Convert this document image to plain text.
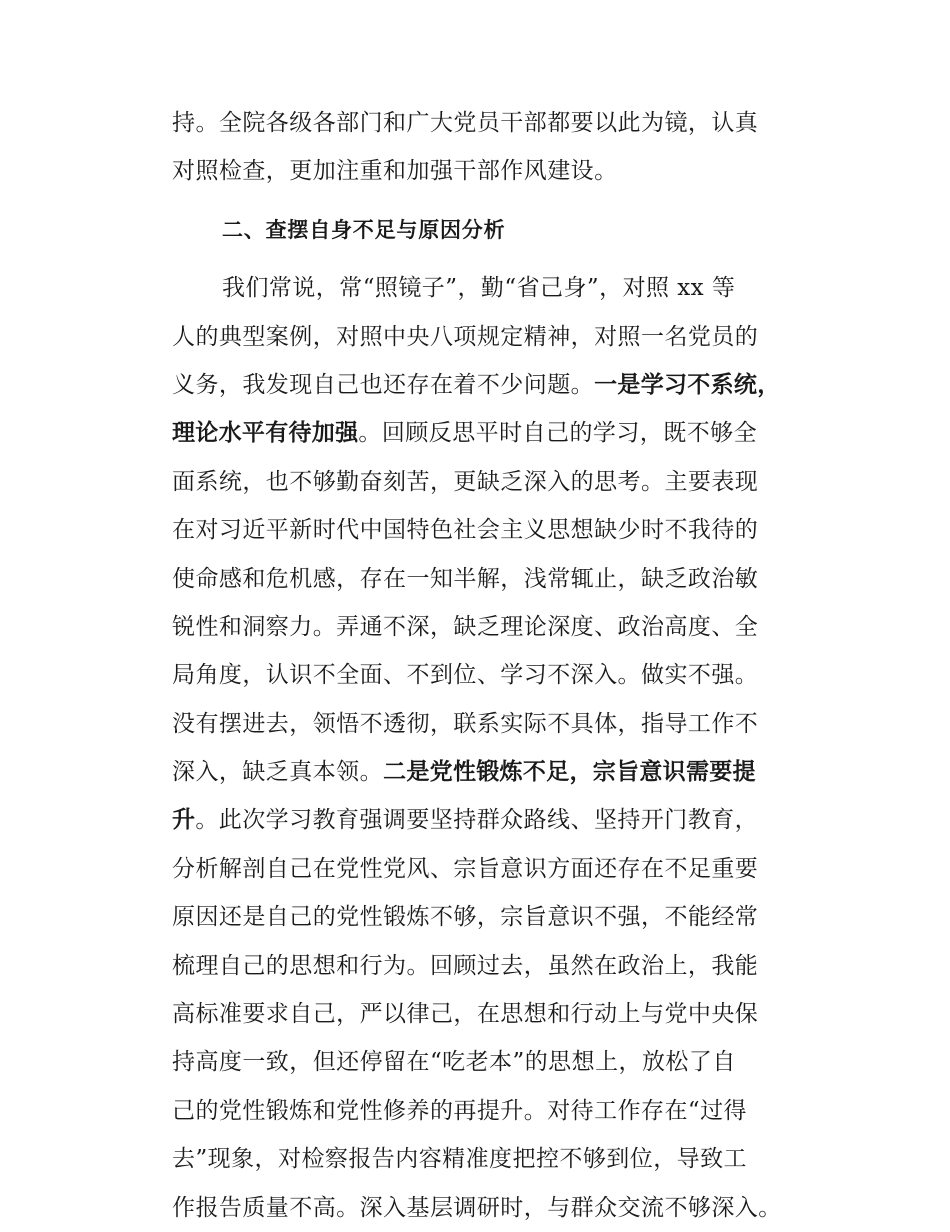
持。全院各级各部门和广大党员干部都要以此为镜，认真
对照检查，更加注重和加强干部作风建设。
二、查摆自身不足与原因分析
我们常说，常“照镜子”，勤“省己身”，对照 xx 等
人的典型案例，对照中央八项规定精神，对照一名党员的
义务，我发现自己也还存在着不少问题。一是学习不系统，
理论水平有待加强。回顾反思平时自己的学习，既不够全
面系统，也不够勤奋刻苦，更缺乏深入的思考。主要表现
在对习近平新时代中国特色社会主义思想缺少时不我待的
使命感和危机感，存在一知半解，浅常辄止，缺乏政治敏
锐性和洞察力。弄通不深，缺乏理论深度、政治高度、全
局角度，认识不全面、不到位、学习不深入。做实不强。
没有摆进去，领悟不透彻，联系实际不具体，指导工作不
深入，缺乏真本领。二是党性锻炼不足，宗旨意识需要提
升。此次学习教育强调要坚持群众路线、坚持开门教育，
分析解剖自己在党性党风、宗旨意识方面还存在不足重要
原因还是自己的党性锻炼不够，宗旨意识不强，不能经常
梳理自己的思想和行为。回顾过去，虽然在政治上，我能
高标准要求自己，严以律己，在思想和行动上与党中央保
持高度一致，但还停留在“吃老本”的思想上，放松了自
己的党性锻炼和党性修养的再提升。对待工作存在“过得
去”现象，对检察报告内容精准度把控不够到位，导致工
作报告质量不高。深入基层调研时，与群众交流不够深入。
